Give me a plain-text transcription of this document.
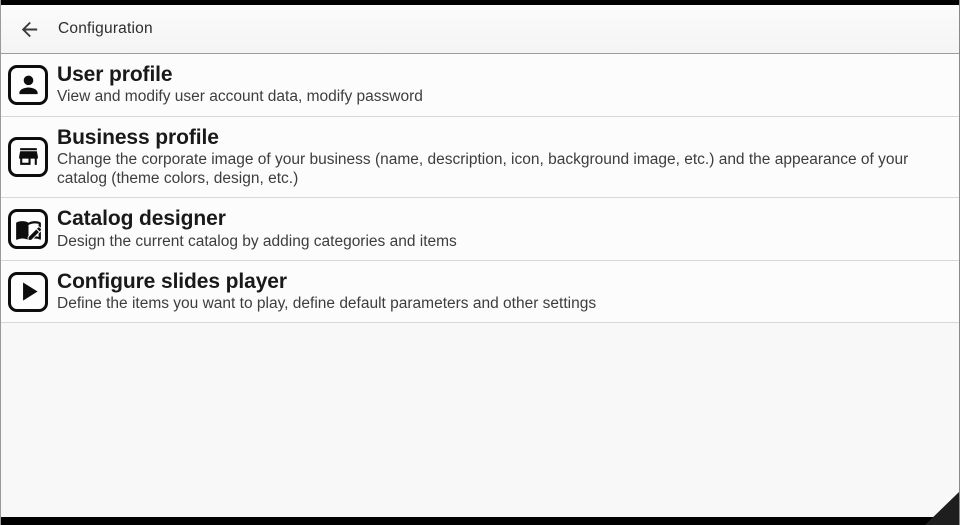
Configuration
User profile
View and modify user account data, modify password
Business profile
Change the corporate image of your business (name, description, icon, background image, etc.) and the appearance of your catalog (theme colors, design, etc.)
Catalog designer
Design the current catalog by adding categories and items
Configure slides player
Define the items you want to play, define default parameters and other settings
